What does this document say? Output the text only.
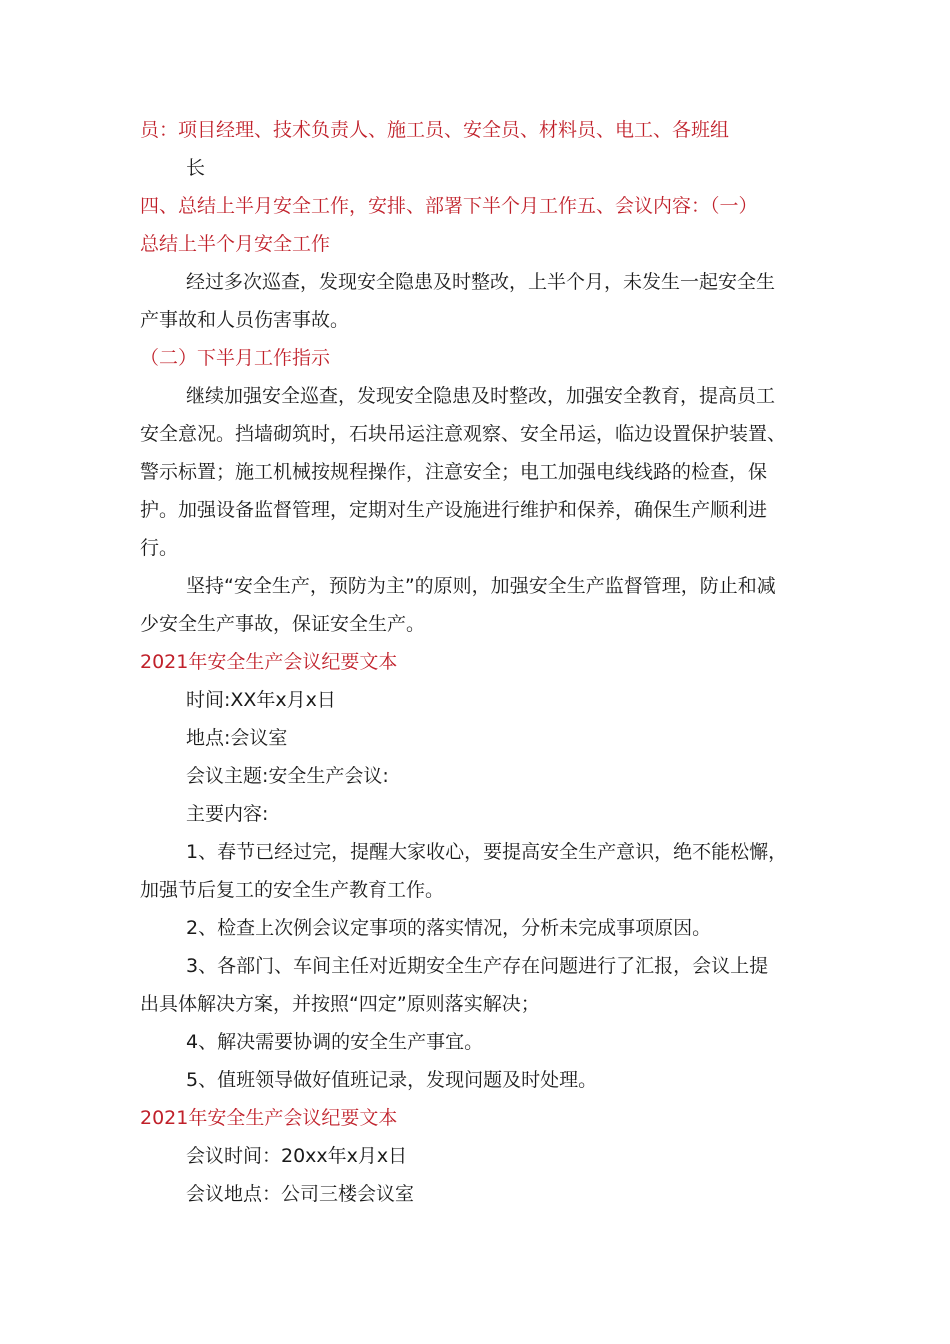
员：项目经理、技术负责人、施工员、安全员、材料员、电工、各班组
长
四、总结上半月安全工作，安排、部署下半个月工作五、会议内容：（一）
总结上半个月安全工作
经过多次巡查，发现安全隐患及时整改，上半个月，未发生一起安全生
产事故和人员伤害事故。
（二）下半月工作指示
继续加强安全巡查，发现安全隐患及时整改，加强安全教育，提高员工
安全意况。挡墙砌筑时，石块吊运注意观察、安全吊运，临边设置保护装置、
警示标置；施工机械按规程操作，注意安全；电工加强电线线路的检查，保
护。加强设备监督管理，定期对生产设施进行维护和保养，确保生产顺利进
行。
坚持“安全生产，预防为主”的原则，加强安全生产监督管理，防止和减
少安全生产事故，保证安全生产。
2021年安全生产会议纪要文本
时间:XX年x月x日
地点:会议室
会议主题:安全生产会议:
主要内容:
1、春节已经过完，提醒大家收心，要提高安全生产意识，绝不能松懈，
加强节后复工的安全生产教育工作。
2、检查上次例会议定事项的落实情况，分析未完成事项原因。
3、各部门、车间主任对近期安全生产存在问题进行了汇报，会议上提
出具体解决方案，并按照“四定”原则落实解决；
4、解决需要协调的安全生产事宜。
5、值班领导做好值班记录，发现问题及时处理。
2021年安全生产会议纪要文本
会议时间：20xx年x月x日
会议地点：公司三楼会议室
